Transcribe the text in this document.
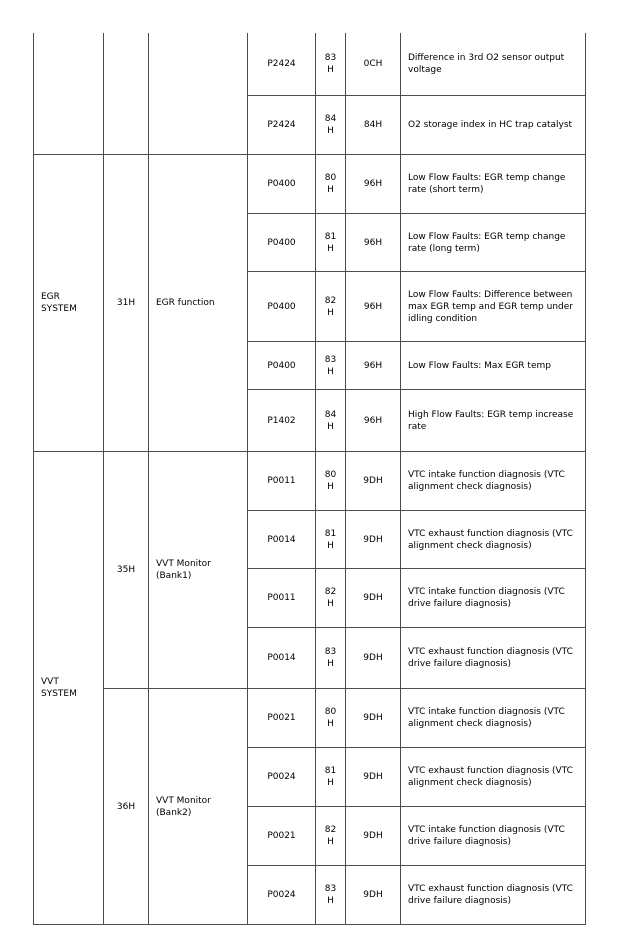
			P2424	83H	0CH	Difference in 3rd O2 sensor output voltage
			P2424	84H	84H	O2 storage index in HC trap catalyst
EGR SYSTEM	31H	EGR function	P0400	80H	96H	Low Flow Faults: EGR temp change rate (short term)
			P0400	81H	96H	Low Flow Faults: EGR temp change rate (long term)
			P0400	82H	96H	Low Flow Faults: Difference between max EGR temp and EGR temp under idling condition
			P0400	83H	96H	Low Flow Faults: Max EGR temp
			P1402	84H	96H	High Flow Faults: EGR temp increase rate
VVT SYSTEM	35H	VVT Monitor (Bank1)	P0011	80H	9DH	VTC intake function diagnosis (VTC alignment check diagnosis)
			P0014	81H	9DH	VTC exhaust function diagnosis (VTC alignment check diagnosis)
			P0011	82H	9DH	VTC intake function diagnosis (VTC drive failure diagnosis)
			P0014	83H	9DH	VTC exhaust function diagnosis (VTC drive failure diagnosis)
	36H	VVT Monitor (Bank2)	P0021	80H	9DH	VTC intake function diagnosis (VTC alignment check diagnosis)
			P0024	81H	9DH	VTC exhaust function diagnosis (VTC alignment check diagnosis)
			P0021	82H	9DH	VTC intake function diagnosis (VTC drive failure diagnosis)
			P0024	83H	9DH	VTC exhaust function diagnosis (VTC drive failure diagnosis)
